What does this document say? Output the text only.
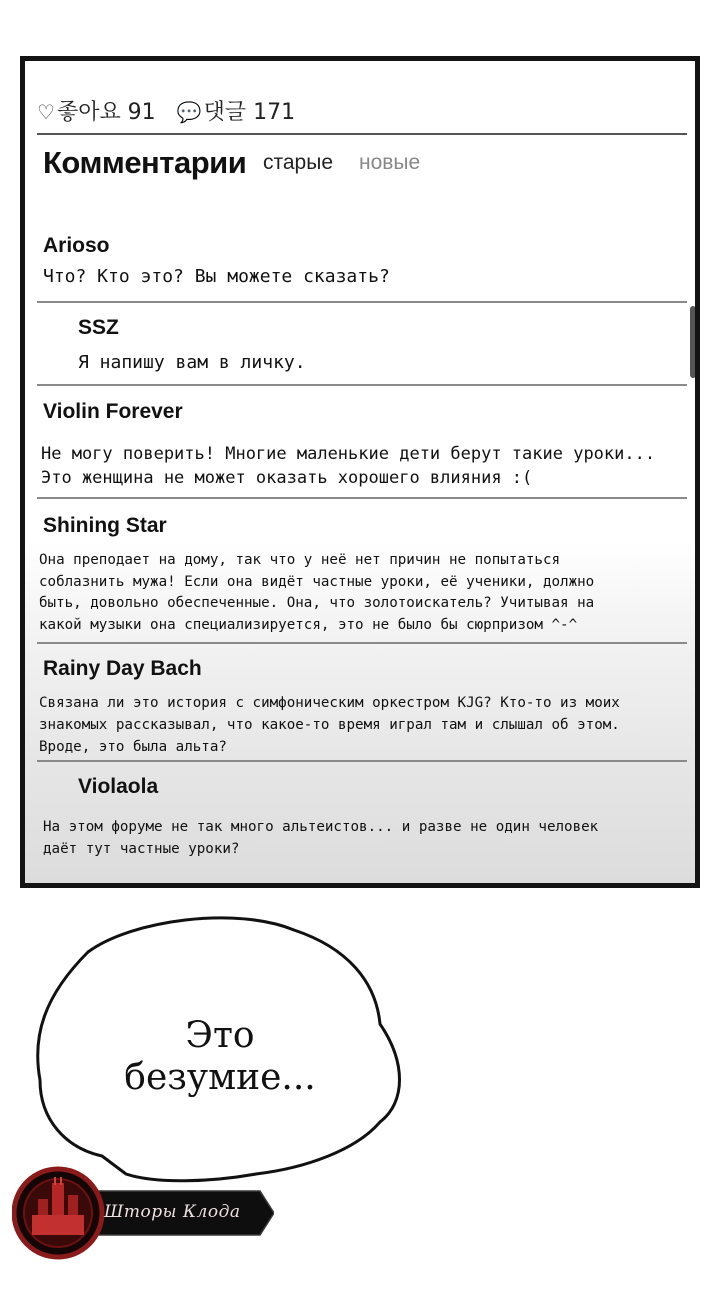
♡좋아요 91 💬댓글 171
Комментарии старые новые
Arioso
Что? Кто это? Вы можете сказать?
SSZ
Я напишу вам в личку.
Violin Forever
Не могу поверить! Многие маленькие дети берут такие уроки...
Это женщина не может оказать хорошего влияния :(
Shining Star
Она преподает на дому, так что у неё нет причин не попытаться
соблазнить мужа! Если она видёт частные уроки, её ученики, должно
быть, довольно обеспеченные. Она, что золотоискатель? Учитывая на
какой музыки она специализируется, это не было бы сюрпризом ^-^
Rainy Day Bach
Связана ли это история с симфоническим оркестром KJG? Кто-то из моих
знакомых рассказывал, что какое-то время играл там и слышал об этом.
Вроде, это была альта?
Violaola
На этом форуме не так много альтеистов... и разве не один человек
даёт тут частные уроки?
Это
безумие...
Шторы Клода
